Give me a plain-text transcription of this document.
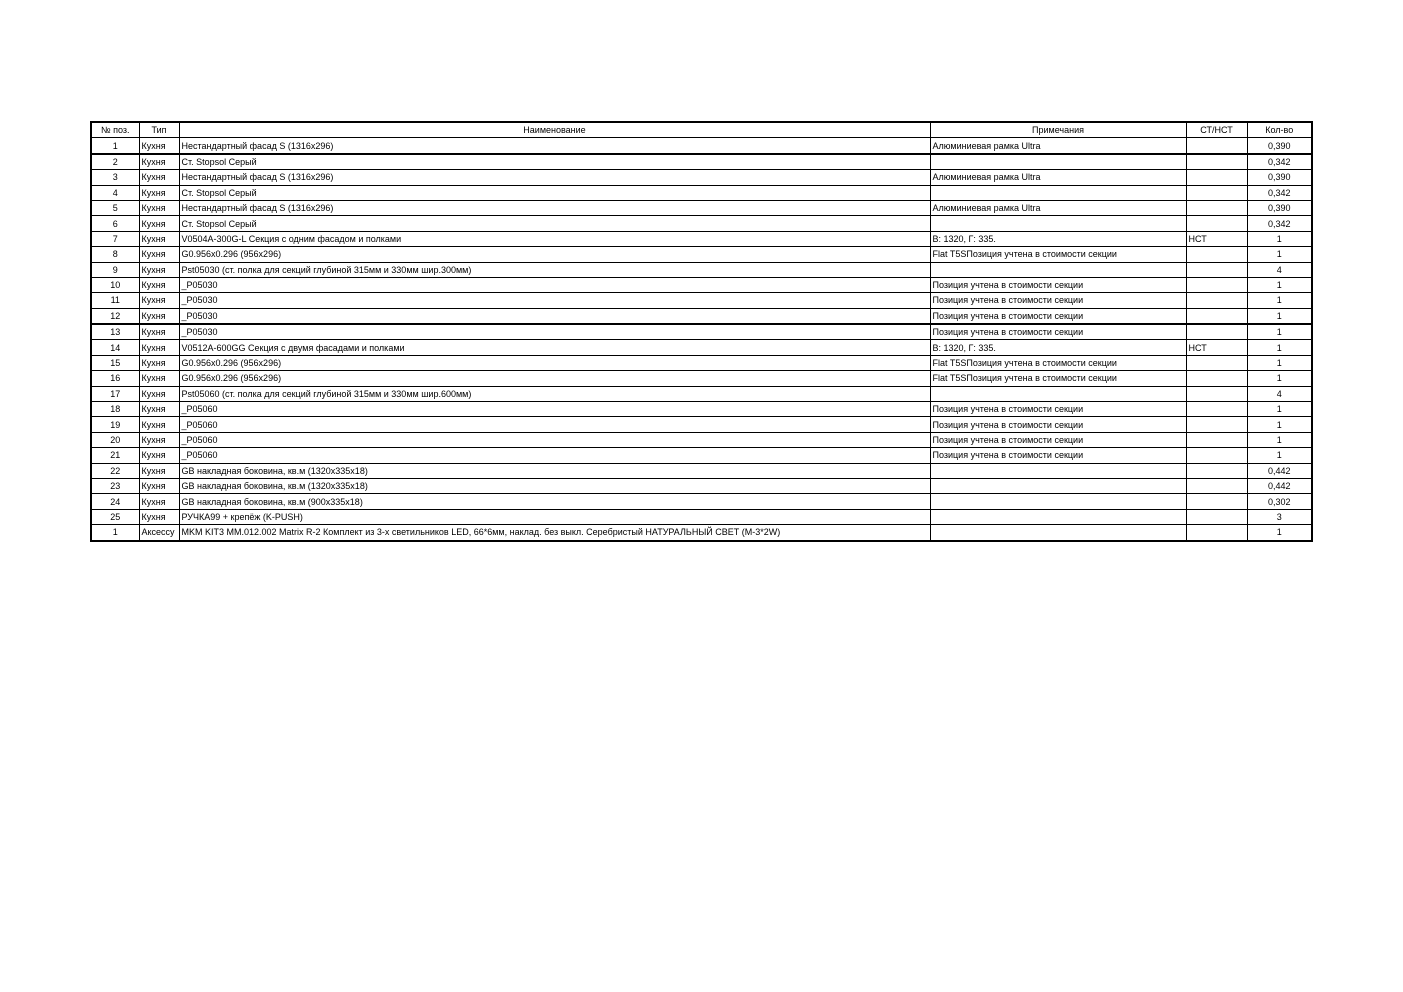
№ поз.	Тип	Наименование	Примечания	СТ/НСТ	Кол-во
1	Кухня	Нестандартный фасад S (1316х296)	Алюминиевая рамка Ultra		0,390
2	Кухня	Ст. Stopsol Серый			0,342
3	Кухня	Нестандартный фасад S (1316х296)	Алюминиевая рамка Ultra		0,390
4	Кухня	Ст. Stopsol Серый			0,342
5	Кухня	Нестандартный фасад S (1316х296)	Алюминиевая рамка Ultra		0,390
6	Кухня	Ст. Stopsol Серый			0,342
7	Кухня	V0504A-300G-L Секция с одним фасадом и полками	В: 1320, Г: 335.	НСТ	1
8	Кухня	G0.956x0.296 (956x296)	Flat T5SПозиция учтена в стоимости секции		1
9	Кухня	Pst05030 (ст. полка для секций глубиной 315мм и 330мм шир.300мм)			4
10	Кухня	_P05030	Позиция учтена в стоимости секции		1
11	Кухня	_P05030	Позиция учтена в стоимости секции		1
12	Кухня	_P05030	Позиция учтена в стоимости секции		1
13	Кухня	_P05030	Позиция учтена в стоимости секции		1
14	Кухня	V0512A-600GG Секция с двумя фасадами и полками	В: 1320, Г: 335.	НСТ	1
15	Кухня	G0.956x0.296 (956x296)	Flat T5SПозиция учтена в стоимости секции		1
16	Кухня	G0.956x0.296 (956x296)	Flat T5SПозиция учтена в стоимости секции		1
17	Кухня	Pst05060 (ст. полка для секций глубиной 315мм и 330мм шир.600мм)			4
18	Кухня	_P05060	Позиция учтена в стоимости секции		1
19	Кухня	_P05060	Позиция учтена в стоимости секции		1
20	Кухня	_P05060	Позиция учтена в стоимости секции		1
21	Кухня	_P05060	Позиция учтена в стоимости секции		1
22	Кухня	GB накладная боковина, кв.м (1320х335х18)			0,442
23	Кухня	GB накладная боковина, кв.м (1320х335х18)			0,442
24	Кухня	GB накладная боковина, кв.м (900х335х18)			0,302
25	Кухня	РУЧКА99 + крепёж (K-PUSH)			3
1	Аксессу	MKM KIT3 MM.012.002 Matrix R-2 Комплект из 3-х светильников LED, 66*6мм, наклад. без выкл. Серебристый НАТУРАЛЬНЫЙ СВЕТ (M-3*2W)			1
